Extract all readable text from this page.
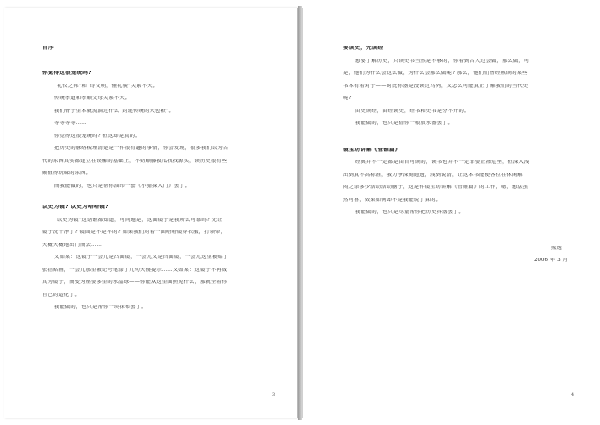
自序
你觉得这很笼统吗?
“礼仪之邦”和“诗文明，懂礼貌”关系不大。
传统孝道和孝顺父母关系不大。
我们骨子里本就流淌过什么“封建传统的大包袱”。
等等等等……
你觉得这很笼统吗? 但这却是真的。
把历史的脉络梳理清楚是一件很有趣的事情，你会发现，很多我们以为古
代的东西其实都建立在误解的基础上，不妨顺藤摸瓜找找源头，读历史很有些
颇值得玩味的东西。
而我能做的，也只是帮你油印一套《小猎探入门》罢了。
以史为镜? 以史为哈哈镜?
“以史为镜”这话谁都知道，可问题是，这面镜子是我所么可靠吗? 先让
镜子洗干净了? 镜面是不是平的? 如果我们对着一面哈哈镜穿衣服，打领带，
大概大概地出门而去……
又如某：这镜子一会儿是凸面镜，一会儿又是凹面镜，一会儿这里被贴了
张招贴画，一会儿那里被记号笔涂了几句大傻提示……又如某：这镜子不再成
其为镜子，而变为座要多里的水晶球——你能从这里面照见什么，那就全看你
自己的造化了。
我能做的，也只是帮你一块抹布罢了。
3
要读史，先读经
想要了解历史，只读史书当然是不够的，你看到古人过会做，那么做，可
是，他们为什么会这么做，为什么会那么做呢? 那么，他们们曾经熟读的某些
书本有着对于——时比你器是没读过马列，又怎么可能真正了解我们的当代史
呢?
由史读经，由经读史，经书和史书是分不开的。
我能做的，也只是借你一根放水器罢了。
镜宝坊讲解《管锥篇》
经典并不一定都是由目可读的，读书也并不一定非要正襟危坐，但深入浅
出到真不高标准，我力争深刻通透，浅到说清，让这本书能使各位在休闲解
闷之余多少活动活动脑子，这是件镜宝坊讲解《管锥篇》的工作，嗯，想法虽
然可喜，效果如何却不是我能说了算的。
我能做的，也只是尽量帮你把历史抖落罢了。
熊逸
2006 年 3 月
4
